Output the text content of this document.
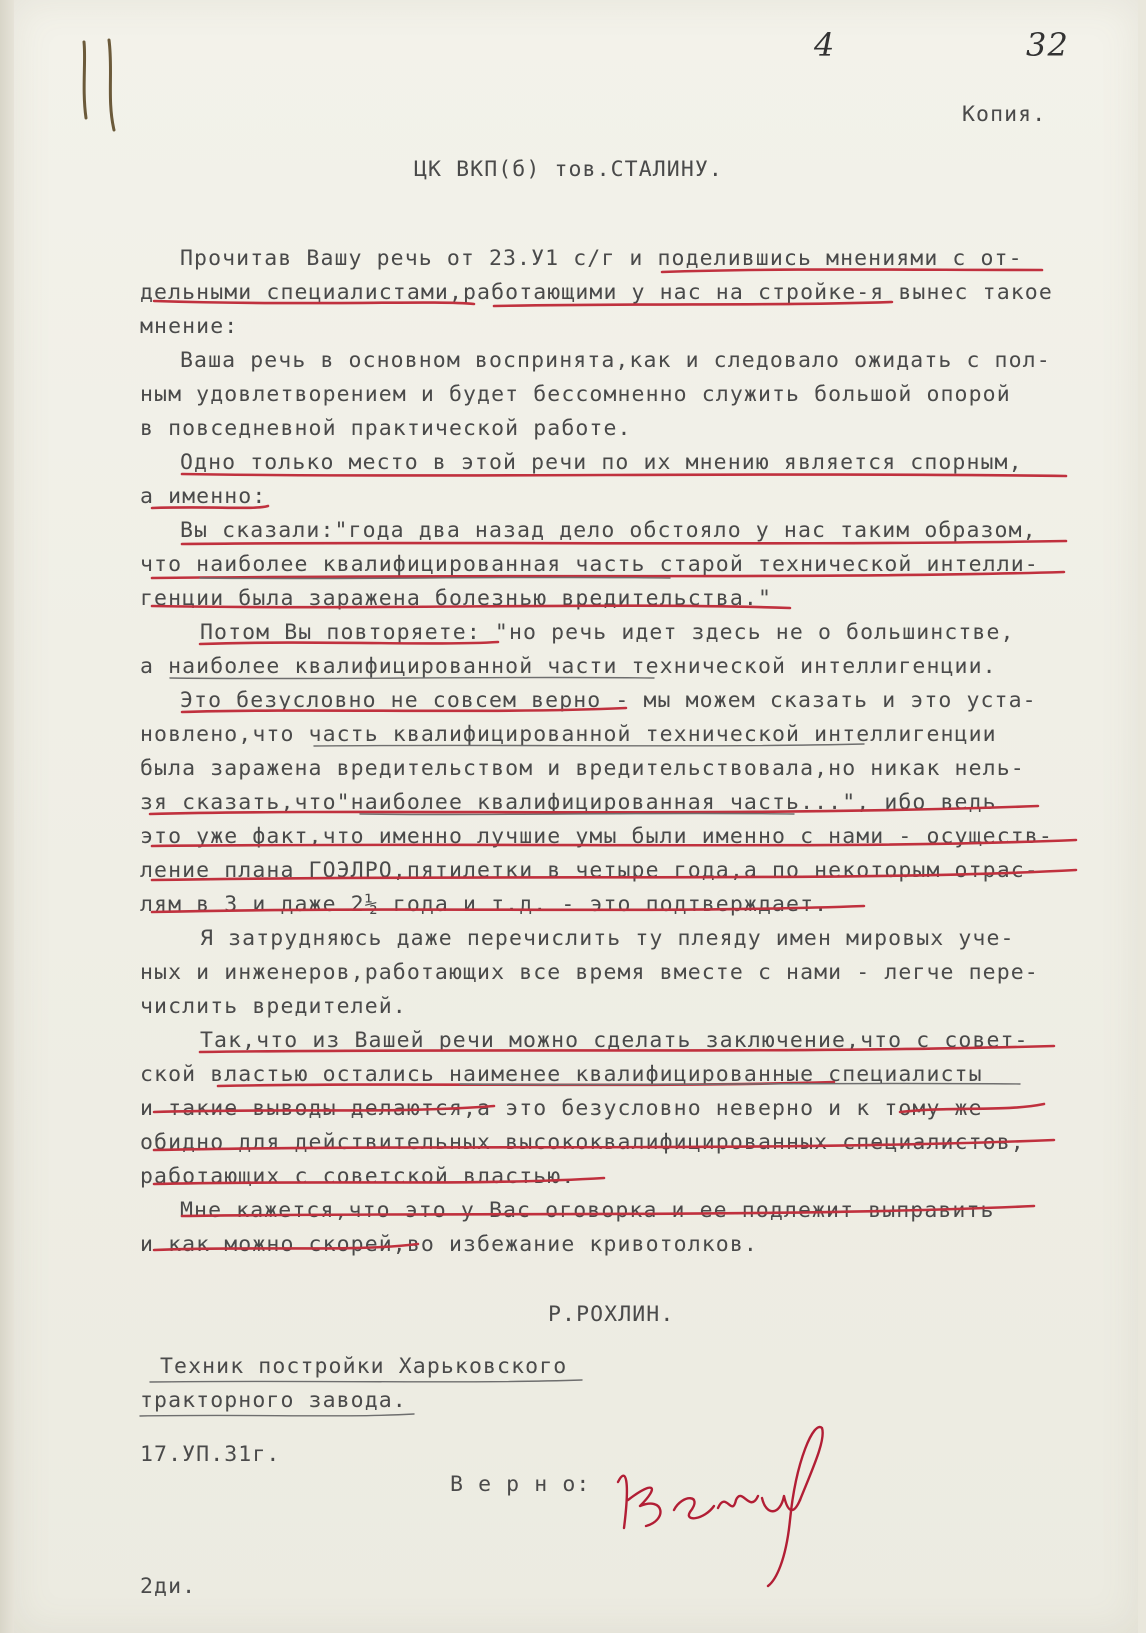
4	32
Копия.
ЦК ВКП(б) тов.СТАЛИНУ.
Прочитав Вашу речь от 23.У1 с/г и поделившись мнениями с от-
дельными специалистами,работающими у нас на стройке-я вынес такое
мнение:
Ваша речь в основном воспринята,как и следовало ожидать с пол-
ным удовлетворением и будет бессомненно служить большой опорой
в повседневной практической работе.
Одно только место в этой речи по их мнению является спорным,
а именно:
Вы сказали:"года два назад дело обстояло у нас таким образом,
что наиболее квалифицированная часть старой технической интелли-
генции была заражена болезнью вредительства."
Потом Вы повторяете: "но речь идет здесь не о большинстве,
а наиболее квалифицированной части технической интеллигенции.
Это безусловно не совсем верно - мы можем сказать и это уста-
новлено,что часть квалифицированной технической интеллигенции
была заражена вредительством и вредительствовала,но никак нель-
зя сказать,что"наиболее квалифицированная часть...", ибо ведь
это уже факт,что именно лучшие умы были именно с нами - осуществ-
ление плана ГОЭЛРО,пятилетки в четыре года,а по некоторым отрас-
лям в 3 и даже 2½ года и т.д. - это подтверждает.
Я затрудняюсь даже перечислить ту плеяду имен мировых уче-
ных и инженеров,работающих все время вместе с нами - легче пере-
числить вредителей.
Так,что из Вашей речи можно сделать заключение,что с совет-
ской властью остались наименее квалифицированные специалисты
и такие выводы делаются,а это безусловно неверно и к тому же
обидно для действительных высококвалифицированных специалистов,
работающих с советской властью.
Мне кажется,что это у Вас оговорка и ее подлежит выправить
и как можно скорей,во избежание кривотолков.
Р.РОХЛИН.
Техник постройки Харьковского
тракторного завода.
17.УП.31г.
В е р н о:
2ди.
